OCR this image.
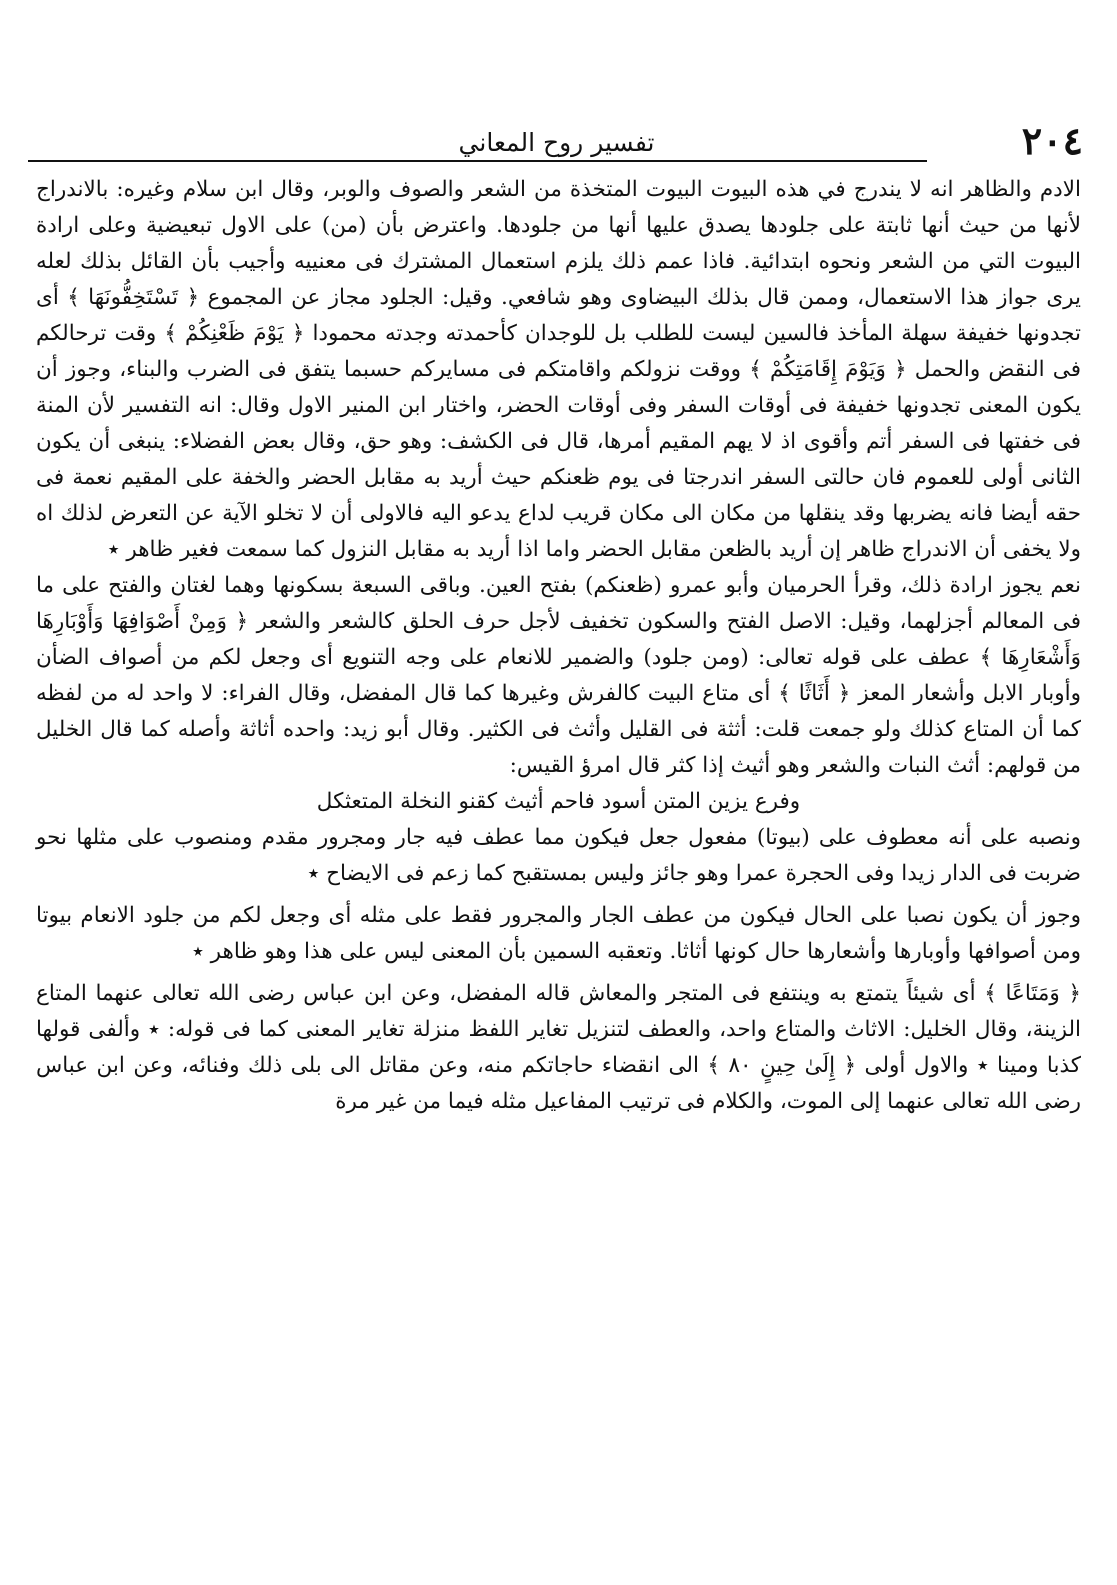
٢٠٤
تفسير روح المعاني

الادم والظاهر انه لا يندرج في هذه البيوت البيوت المتخذة من الشعر والصوف والوبر، وقال ابن سلام وغيره: بالاندراج لأنها من حيث أنها ثابتة على جلودها يصدق عليها أنها من جلودها. واعترض بأن (من) على الاول تبعيضية وعلى ارادة البيوت التي من الشعر ونحوه ابتدائية. فاذا عمم ذلك يلزم استعمال المشترك فى معنييه وأجيب بأن القائل بذلك لعله يرى جواز هذا الاستعمال، وممن قال بذلك البيضاوى وهو شافعي. وقيل: الجلود مجاز عن المجموع ﴿ تَسْتَخِفُّونَهَا ﴾ أى تجدونها خفيفة سهلة المأخذ فالسين ليست للطلب بل للوجدان كأحمدته وجدته محمودا ﴿ يَوْمَ ظَعْنِكُمْ ﴾ وقت ترحالكم فى النقض والحمل ﴿ وَيَوْمَ إِقَامَتِكُمْ ﴾ ووقت نزولكم واقامتكم فى مسايركم حسبما يتفق فى الضرب والبناء، وجوز أن يكون المعنى تجدونها خفيفة فى أوقات السفر وفى أوقات الحضر، واختار ابن المنير الاول وقال: انه التفسير لأن المنة فى خفتها فى السفر أتم وأقوى اذ لا يهم المقيم أمرها، قال فى الكشف: وهو حق، وقال بعض الفضلاء: ينبغى أن يكون الثانى أولى للعموم فان حالتى السفر اندرجتا فى يوم ظعنكم حيث أريد به مقابل الحضر والخفة على المقيم نعمة فى حقه أيضا فانه يضربها وقد ينقلها من مكان الى مكان قريب لداع يدعو اليه فالاولى أن لا تخلو الآية عن التعرض لذلك اه ولا يخفى أن الاندراج ظاهر إن أريد بالظعن مقابل الحضر واما اذا أريد به مقابل النزول كما سمعت فغير ظاهر ٭

نعم يجوز ارادة ذلك، وقرأ الحرميان وأبو عمرو (ظعنكم) بفتح العين. وباقى السبعة بسكونها وهما لغتان والفتح على ما فى المعالم أجزلهما، وقيل: الاصل الفتح والسكون تخفيف لأجل حرف الحلق كالشعر والشعر ﴿ وَمِنْ أَصْوَافِهَا وَأَوْبَارِهَا وَأَشْعَارِهَا ﴾ عطف على قوله تعالى: (ومن جلود) والضمير للانعام على وجه التنويع أى وجعل لكم من أصواف الضأن وأوبار الابل وأشعار المعز ﴿ أَثَاثًا ﴾ أى متاع البيت كالفرش وغيرها كما قال المفضل، وقال الفراء: لا واحد له من لفظه كما أن المتاع كذلك ولو جمعت قلت: أثثة فى القليل وأثث فى الكثير. وقال أبو زيد: واحده أثاثة وأصله كما قال الخليل من قولهم: أثث النبات والشعر وهو أثيث إذا كثر قال امرؤ القيس:

وفرع يزين المتن أسود فاحم أثيث كقنو النخلة المتعثكل

ونصبه على أنه معطوف على (بيوتا) مفعول جعل فيكون مما عطف فيه جار ومجرور مقدم ومنصوب على مثلها نحو ضربت فى الدار زيدا وفى الحجرة عمرا وهو جائز وليس بمستقبح كما زعم فى الايضاح ٭

وجوز أن يكون نصبا على الحال فيكون من عطف الجار والمجرور فقط على مثله أى وجعل لكم من جلود الانعام بيوتا ومن أصوافها وأوبارها وأشعارها حال كونها أثاثا. وتعقبه السمين بأن المعنى ليس على هذا وهو ظاهر ٭

﴿ وَمَتَاعًا ﴾ أى شيئاً يتمتع به وينتفع فى المتجر والمعاش قاله المفضل، وعن ابن عباس رضى الله تعالى عنهما المتاع الزينة، وقال الخليل: الاثاث والمتاع واحد، والعطف لتنزيل تغاير اللفظ منزلة تغاير المعنى كما فى قوله: ٭ وألفى قولها كذبا ومينا ٭ والاول أولى ﴿ إِلَىٰ حِينٍ ٨٠ ﴾ الى انقضاء حاجاتكم منه، وعن مقاتل الى بلى ذلك وفنائه، وعن ابن عباس رضى الله تعالى عنهما إلى الموت، والكلام فى ترتيب المفاعيل مثله فيما من غير مرة
